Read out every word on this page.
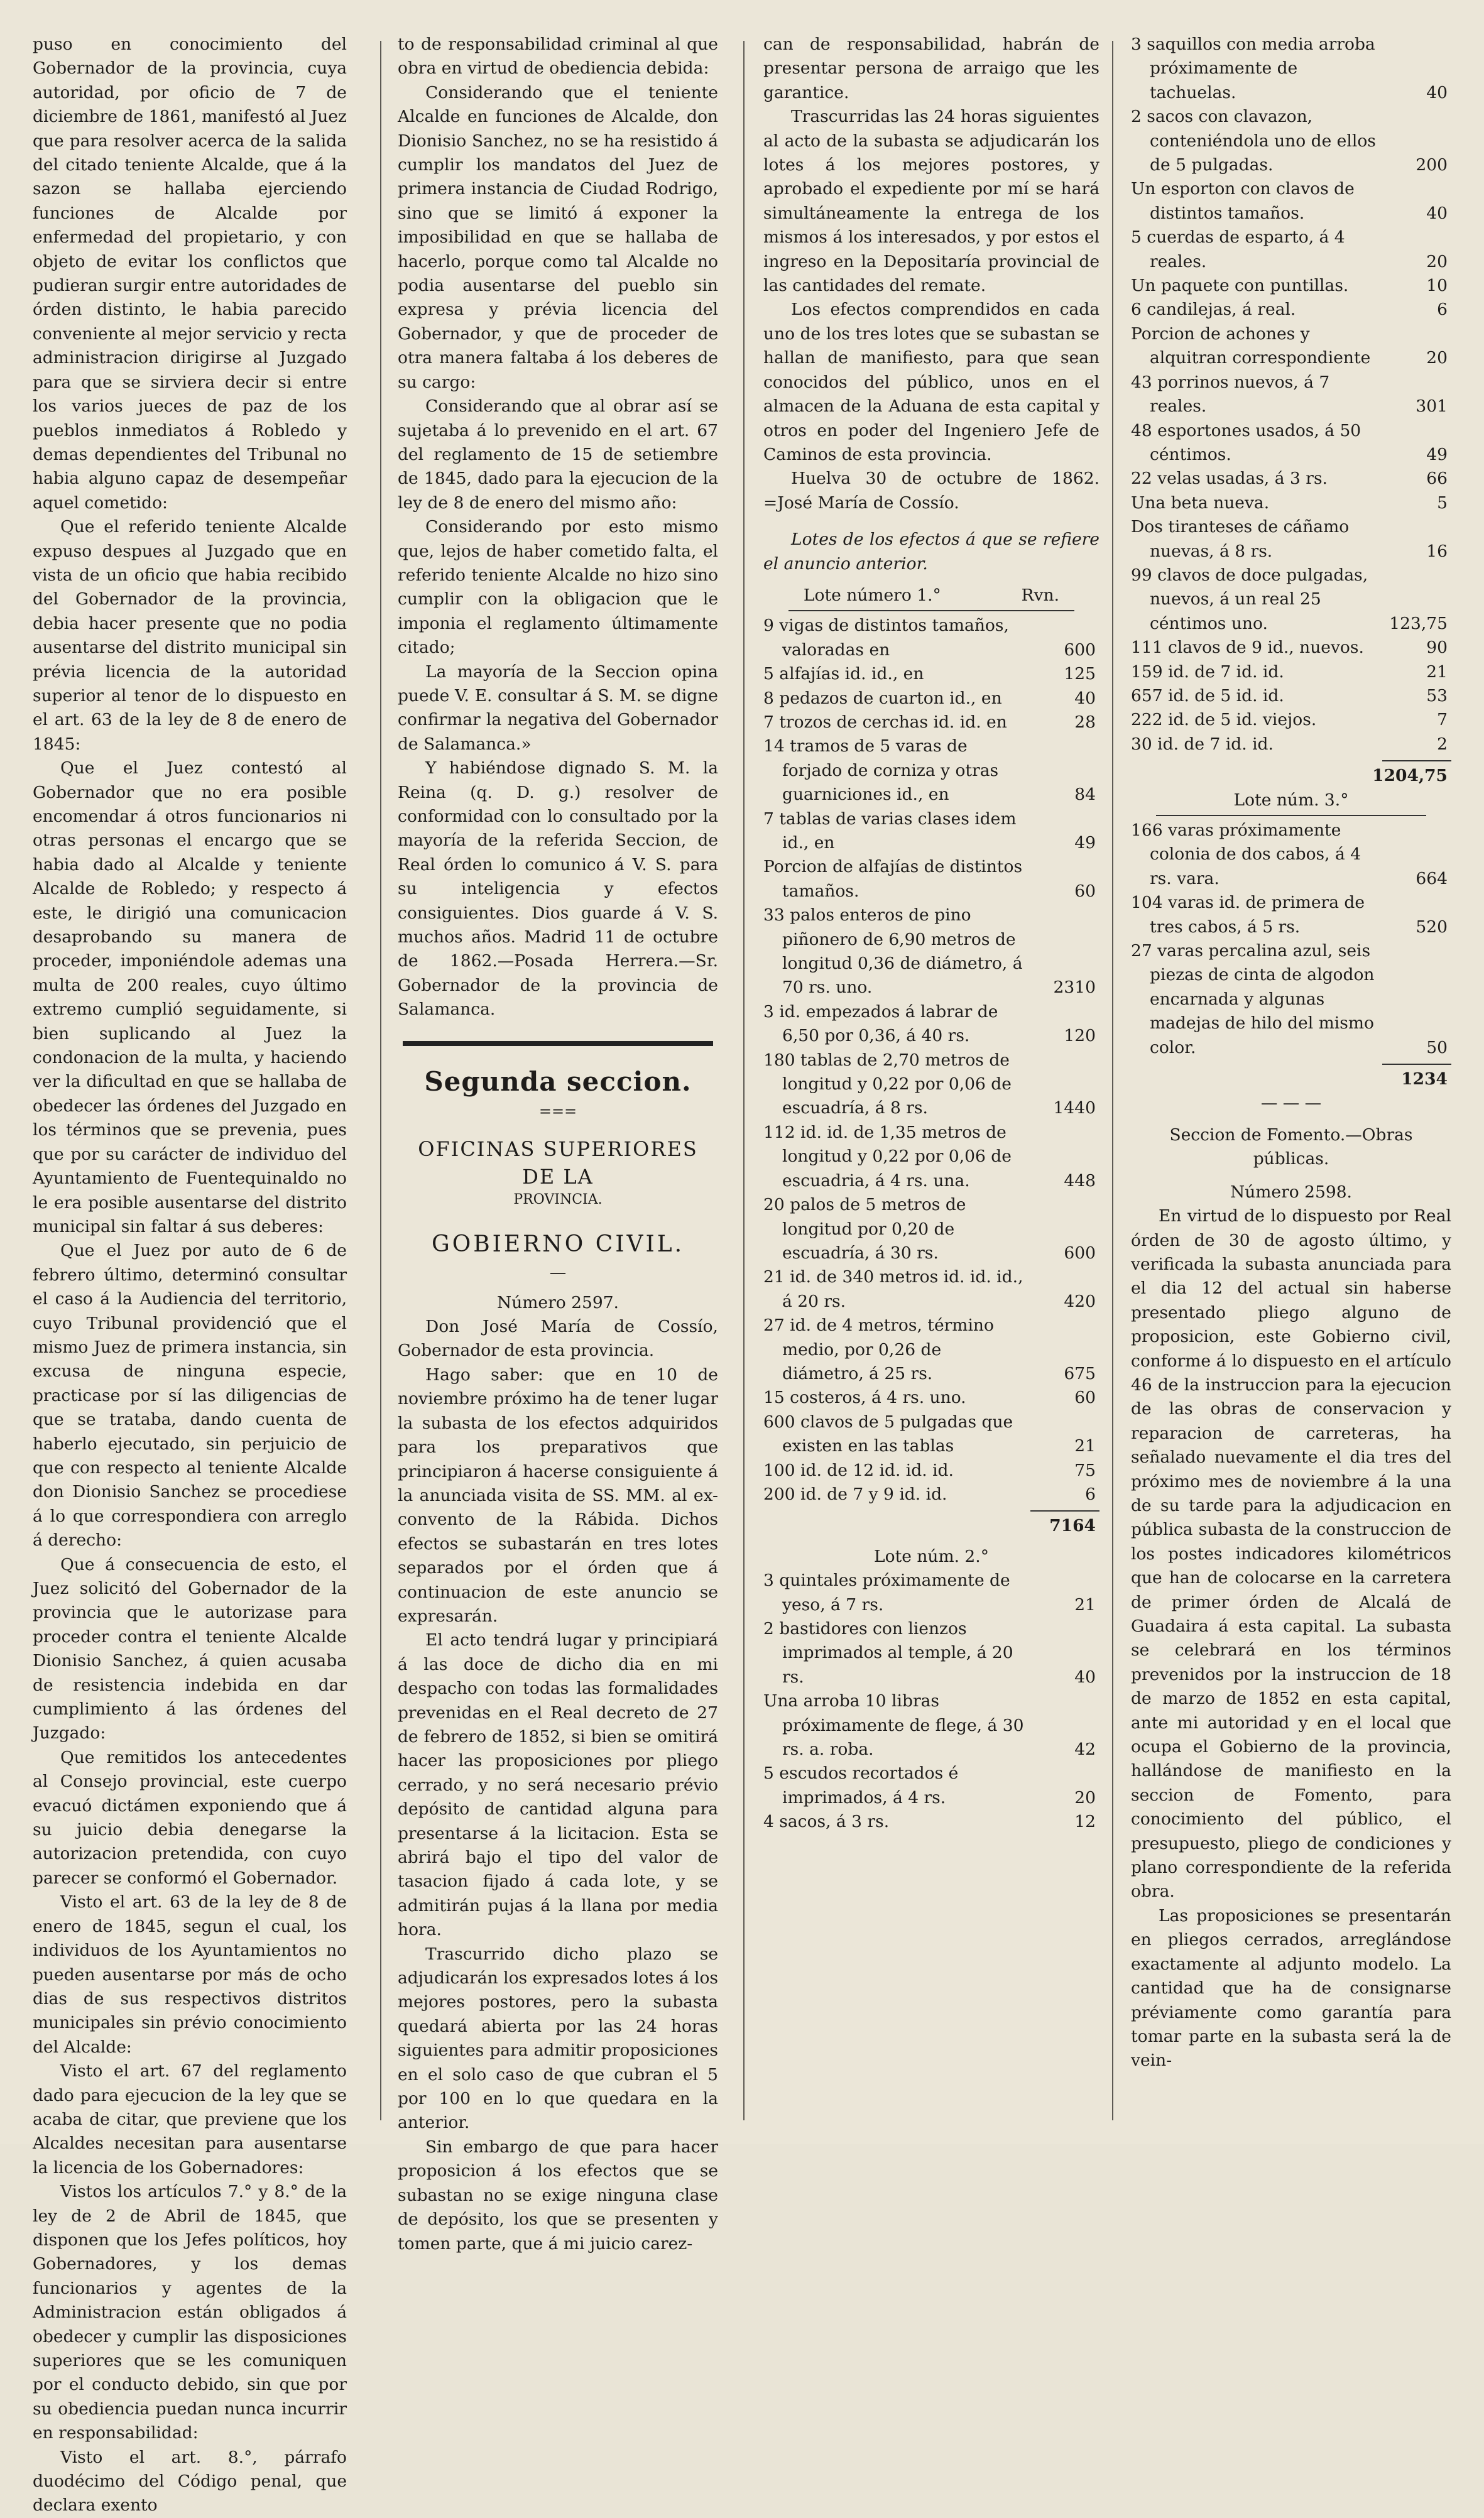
puso en conocimiento del Gobernador de la provincia, cuya autoridad, por oficio de 7 de diciembre de 1861, manifestó al Juez que para resolver acerca de la salida del citado teniente Alcalde, que á la sazon se hallaba ejerciendo funciones de Alcalde por enfermedad del propietario, y con objeto de evitar los conflictos que pudieran surgir entre autoridades de órden distinto, le habia parecido conveniente al mejor servicio y recta administracion dirigirse al Juzgado para que se sirviera decir si entre los varios jueces de paz de los pueblos inmediatos á Robledo y demas dependientes del Tribunal no habia alguno capaz de desempeñar aquel cometido:

Que el referido teniente Alcalde expuso despues al Juzgado que en vista de un oficio que habia recibido del Gobernador de la provincia, debia hacer presente que no podia ausentarse del distrito municipal sin prévia licencia de la autoridad superior al tenor de lo dispuesto en el art. 63 de la ley de 8 de enero de 1845:

Que el Juez contestó al Gobernador que no era posible encomendar á otros funcionarios ni otras personas el encargo que se habia dado al Alcalde y teniente Alcalde de Robledo; y respecto á este, le dirigió una comunicacion desaprobando su manera de proceder, imponiéndole ademas una multa de 200 reales, cuyo último extremo cumplió seguidamente, si bien suplicando al Juez la condonacion de la multa, y haciendo ver la dificultad en que se hallaba de obedecer las órdenes del Juzgado en los términos que se prevenia, pues que por su carácter de individuo del Ayuntamiento de Fuentequinaldo no le era posible ausentarse del distrito municipal sin faltar á sus deberes:

Que el Juez por auto de 6 de febrero último, determinó consultar el caso á la Audiencia del territorio, cuyo Tribunal providenció que el mismo Juez de primera instancia, sin excusa de ninguna especie, practicase por sí las diligencias de que se trataba, dando cuenta de haberlo ejecutado, sin perjuicio de que con respecto al teniente Alcalde don Dionisio Sanchez se procediese á lo que correspondiera con arreglo á derecho:

Que á consecuencia de esto, el Juez solicitó del Gobernador de la provincia que le autorizase para proceder contra el teniente Alcalde Dionisio Sanchez, á quien acusaba de resistencia indebida en dar cumplimiento á las órdenes del Juzgado:

Que remitidos los antecedentes al Consejo provincial, este cuerpo evacuó dictámen exponiendo que á su juicio debia denegarse la autorizacion pretendida, con cuyo parecer se conformó el Gobernador.

Visto el art. 63 de la ley de 8 de enero de 1845, segun el cual, los individuos de los Ayuntamientos no pueden ausentarse por más de ocho dias de sus respectivos distritos municipales sin prévio conocimiento del Alcalde:

Visto el art. 67 del reglamento dado para ejecucion de la ley que se acaba de citar, que previene que los Alcaldes necesitan para ausentarse la licencia de los Gobernadores:

Vistos los artículos 7.° y 8.° de la ley de 2 de Abril de 1845, que disponen que los Jefes políticos, hoy Gobernadores, y los demas funcionarios y agentes de la Administracion están obligados á obedecer y cumplir las disposiciones superiores que se les comuniquen por el conducto debido, sin que por su obediencia puedan nunca incurrir en responsabilidad:

Visto el art. 8.°, párrafo duodécimo del Código penal, que declara exento

to de responsabilidad criminal al que obra en virtud de obediencia debida:

Considerando que el teniente Alcalde en funciones de Alcalde, don Dionisio Sanchez, no se ha resistido á cumplir los mandatos del Juez de primera instancia de Ciudad Rodrigo, sino que se limitó á exponer la imposibilidad en que se hallaba de hacerlo, porque como tal Alcalde no podia ausentarse del pueblo sin expresa y prévia licencia del Gobernador, y que de proceder de otra manera faltaba á los deberes de su cargo:

Considerando que al obrar así se sujetaba á lo prevenido en el art. 67 del reglamento de 15 de setiembre de 1845, dado para la ejecucion de la ley de 8 de enero del mismo año:

Considerando por esto mismo que, lejos de haber cometido falta, el referido teniente Alcalde no hizo sino cumplir con la obligacion que le imponia el reglamento últimamente citado;

La mayoría de la Seccion opina puede V. E. consultar á S. M. se digne confirmar la negativa del Gobernador de Salamanca.»

Y habiéndose dignado S. M. la Reina (q. D. g.) resolver de conformidad con lo consultado por la mayoría de la referida Seccion, de Real órden lo comunico á V. S. para su inteligencia y efectos consiguientes. Dios guarde á V. S. muchos años. Madrid 11 de octubre de 1862.—Posada Herrera.—Sr. Gobernador de la provincia de Salamanca.

Segunda seccion.
===
OFICINAS SUPERIORES DE LA
PROVINCIA.
GOBIERNO CIVIL.
—
Número 2597.

Don José María de Cossío, Gobernador de esta provincia.

Hago saber: que en 10 de noviembre próximo ha de tener lugar la subasta de los efectos adquiridos para los preparativos que principiaron á hacerse consiguiente á la anunciada visita de SS. MM. al ex-convento de la Rábida. Dichos efectos se subastarán en tres lotes separados por el órden que á continuacion de este anuncio se expresarán.

El acto tendrá lugar y principiará á las doce de dicho dia en mi despacho con todas las formalidades prevenidas en el Real decreto de 27 de febrero de 1852, si bien se omitirá hacer las proposiciones por pliego cerrado, y no será necesario prévio depósito de cantidad alguna para presentarse á la licitacion. Esta se abrirá bajo el tipo del valor de tasacion fijado á cada lote, y se admitirán pujas á la llana por media hora.

Trascurrido dicho plazo se adjudicarán los expresados lotes á los mejores postores, pero la subasta quedará abierta por las 24 horas siguientes para admitir proposiciones en el solo caso de que cubran el 5 por 100 en lo que quedara en la anterior.

Sin embargo de que para hacer proposicion á los efectos que se subastan no se exige ninguna clase de depósito, los que se presenten y tomen parte, que á mi juicio carez-

can de responsabilidad, habrán de presentar persona de arraigo que les garantice.

Trascurridas las 24 horas siguientes al acto de la subasta se adjudicarán los lotes á los mejores postores, y aprobado el expediente por mí se hará simultáneamente la entrega de los mismos á los interesados, y por estos el ingreso en la Depositaría provincial de las cantidades del remate.

Los efectos comprendidos en cada uno de los tres lotes que se subastan se hallan de manifiesto, para que sean conocidos del público, unos en el almacen de la Aduana de esta capital y otros en poder del Ingeniero Jefe de Caminos de esta provincia.

Huelva 30 de octubre de 1862. =José María de Cossío.

Lotes de los efectos á que se refiere el anuncio anterior.

Lote número 1.°	Rvn.
9 vigas de distintos tamaños, valoradas en	600
5 alfajías id. id., en	125
8 pedazos de cuarton id., en	40
7 trozos de cerchas id. id. en	28
14 tramos de 5 varas de forjado de corniza y otras guarniciones id., en	84
7 tablas de varias clases idem id., en	49
Porcion de alfajías de distintos tamaños.	60
33 palos enteros de pino piñonero de 6,90 metros de longitud 0,36 de diámetro, á 70 rs. uno.	2310
3 id. empezados á labrar de 6,50 por 0,36, á 40 rs.	120
180 tablas de 2,70 metros de longitud y 0,22 por 0,06 de escuadría, á 8 rs.	1440
112 id. id. de 1,35 metros de longitud y 0,22 por 0,06 de escuadria, á 4 rs. una.	448
20 palos de 5 metros de longitud por 0,20 de escuadría, á 30 rs.	600
21 id. de 340 metros id. id. id., á 20 rs.	420
27 id. de 4 metros, término medio, por 0,26 de diámetro, á 25 rs.	675
15 costeros, á 4 rs. uno.	60
600 clavos de 5 pulgadas que existen en las tablas	21
100 id. de 12 id. id. id.	75
200 id. de 7 y 9 id. id.	6
7164
Lote núm. 2.°
3 quintales próximamente de yeso, á 7 rs.	21
2 bastidores con lienzos imprimados al temple, á 20 rs.	40
Una arroba 10 libras próximamente de flege, á 30 rs. a. roba.	42
5 escudos recortados é imprimados, á 4 rs.	20
4 sacos, á 3 rs.	12
3 saquillos con media arroba próximamente de tachuelas.	40
2 sacos con clavazon, conteniéndola uno de ellos de 5 pulgadas.	200
Un esporton con clavos de distintos tamaños.	40
5 cuerdas de esparto, á 4 reales.	20
Un paquete con puntillas.	10
6 candilejas, á real.	6
Porcion de achones y alquitran correspondiente	20
43 porrinos nuevos, á 7 reales.	301
48 esportones usados, á 50 céntimos.	49
22 velas usadas, á 3 rs.	66
Una beta nueva.	5
Dos tiranteses de cáñamo nuevas, á 8 rs.	16
99 clavos de doce pulgadas, nuevos, á un real 25 céntimos uno.	123,75
111 clavos de 9 id., nuevos.	90
159 id. de 7 id. id.	21
657 id. de 5 id. id.	53
222 id. de 5 id. viejos.	7
30 id. de 7 id. id.	2
1204,75
Lote núm. 3.°
166 varas próximamente colonia de dos cabos, á 4 rs. vara.	664
104 varas id. de primera de tres cabos, á 5 rs.	520
27 varas percalina azul, seis piezas de cinta de algodon encarnada y algunas madejas de hilo del mismo color.	50
1234
— — —
Seccion de Fomento.—Obras públicas.
Número 2598.

En virtud de lo dispuesto por Real órden de 30 de agosto último, y verificada la subasta anunciada para el dia 12 del actual sin haberse presentado pliego alguno de proposicion, este Gobierno civil, conforme á lo dispuesto en el artículo 46 de la instruccion para la ejecucion de las obras de conservacion y reparacion de carreteras, ha señalado nuevamente el dia tres del próximo mes de noviembre á la una de su tarde para la adjudicacion en pública subasta de la construccion de los postes indicadores kilométricos que han de colocarse en la carretera de primer órden de Alcalá de Guadaira á esta capital. La subasta se celebrará en los términos prevenidos por la instruccion de 18 de marzo de 1852 en esta capital, ante mi autoridad y en el local que ocupa el Gobierno de la provincia, hallándose de manifiesto en la seccion de Fomento, para conocimiento del público, el presupuesto, pliego de condiciones y plano correspondiente de la referida obra.

Las proposiciones se presentarán en pliegos cerrados, arreglándose exactamente al adjunto modelo. La cantidad que ha de consignarse préviamente como garantía para tomar parte en la subasta será la de vein-
